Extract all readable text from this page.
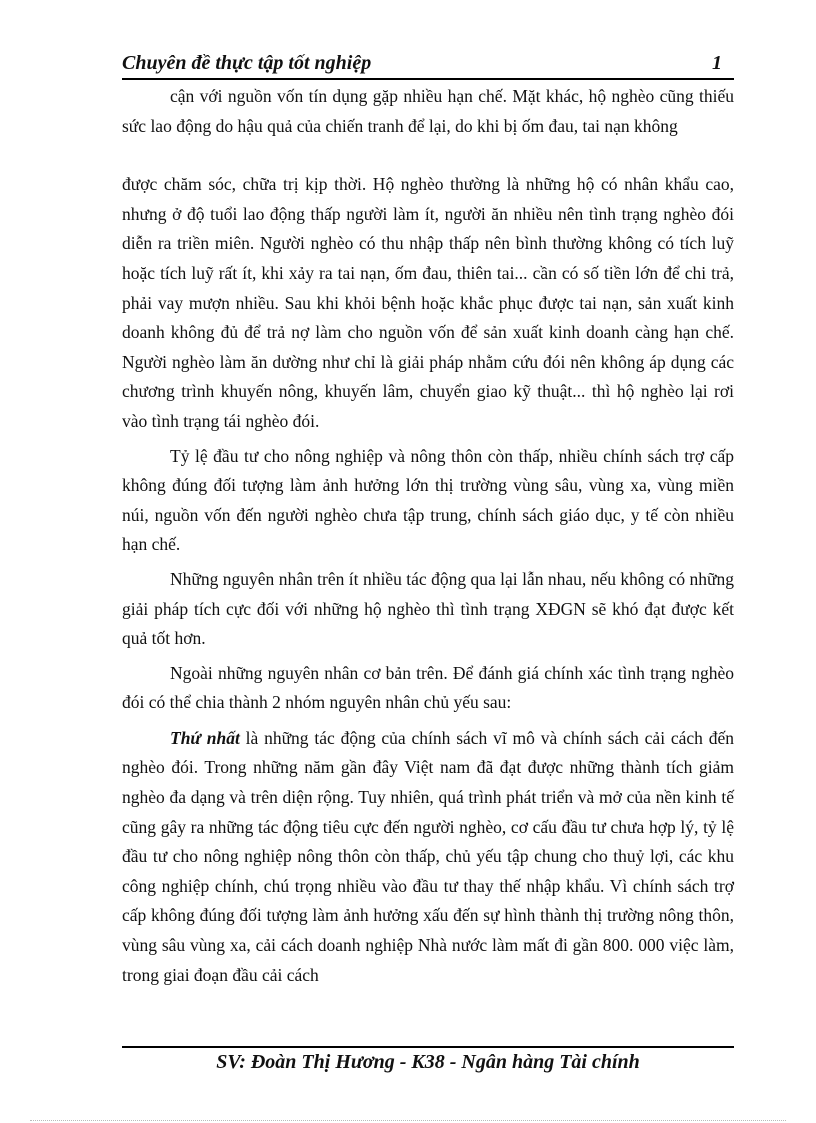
Chuyên đề thực tập tốt nghiệp	1

cận với nguồn vốn tín dụng gặp nhiều hạn chế. Mặt khác, hộ nghèo cũng thiếu sức lao động do hậu quả của chiến tranh để lại, do khi bị ốm đau, tai nạn không

được chăm sóc, chữa trị kịp thời. Hộ nghèo thường là những hộ có nhân khẩu cao, nhưng ở độ tuổi lao động thấp người làm ít, người ăn nhiều nên tình trạng nghèo đói diễn ra triền miên. Người nghèo có thu nhập thấp nên bình thường không có tích luỹ hoặc tích luỹ rất ít, khi xảy ra tai nạn, ốm đau, thiên tai... cần có số tiền lớn để chi trả, phải vay mượn nhiều. Sau khi khỏi bệnh hoặc khắc phục được tai nạn, sản xuất kinh doanh không đủ để trả nợ làm cho nguồn vốn để sản xuất kinh doanh càng hạn chế. Người nghèo làm ăn dường như chỉ là giải pháp nhằm cứu đói nên không áp dụng các chương trình khuyến nông, khuyến lâm, chuyển giao kỹ thuật... thì hộ nghèo lại rơi vào tình trạng tái nghèo đói.

Tỷ lệ đầu tư cho nông nghiệp và nông thôn còn thấp, nhiều chính sách trợ cấp không đúng đối tượng làm ảnh hưởng lớn thị trường vùng sâu, vùng xa, vùng miền núi, nguồn vốn đến người nghèo chưa tập trung, chính sách giáo dục, y tế còn nhiều hạn chế.

Những nguyên nhân trên ít nhiều tác động qua lại lẫn nhau, nếu không có những giải pháp tích cực đối với những hộ nghèo thì tình trạng XĐGN sẽ khó đạt được kết quả tốt hơn.

Ngoài những nguyên nhân cơ bản trên. Để đánh giá chính xác tình trạng nghèo đói có thể chia thành 2 nhóm nguyên nhân chủ yếu sau:

Thứ nhất là những tác động của chính sách vĩ mô và chính sách cải cách đến nghèo đói. Trong những năm gần đây Việt nam đã đạt được những thành tích giảm nghèo đa dạng và trên diện rộng. Tuy nhiên, quá trình phát triển và mở của nền kinh tế cũng gây ra những tác động tiêu cực đến người nghèo, cơ cấu đầu tư chưa hợp lý, tỷ lệ đầu tư cho nông nghiệp nông thôn còn thấp, chủ yếu tập chung cho thuỷ lợi, các khu công nghiệp chính, chú trọng nhiều vào đầu tư thay thế nhập khẩu. Vì chính sách trợ cấp không đúng đối tượng làm ảnh hưởng xấu đến sự hình thành thị trường nông thôn, vùng sâu vùng xa, cải cách doanh nghiệp Nhà nước làm mất đi gần 800. 000 việc làm, trong giai đoạn đầu cải cách

SV: Đoàn Thị Hương - K38 - Ngân hàng Tài chính
